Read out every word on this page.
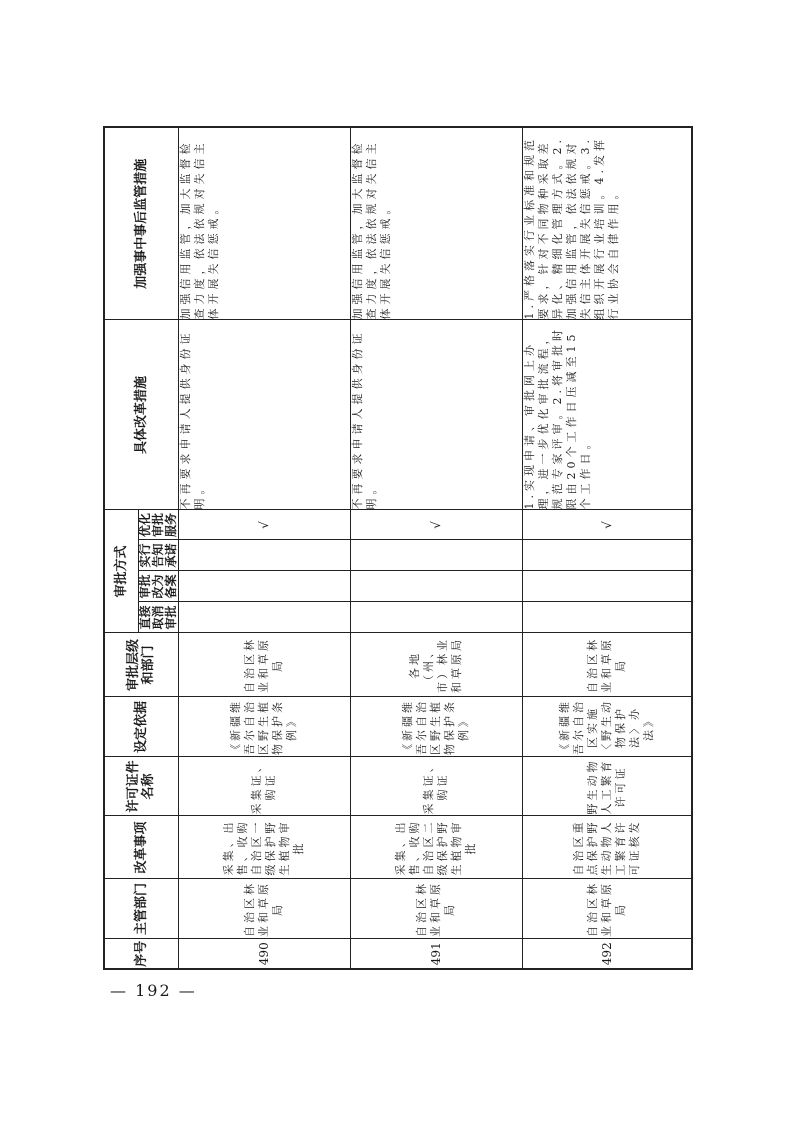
序号	主管部门	改革事项	许可证件名称	设定依据	审批层级和部门	审批方式				具体改革措施	加强事中事后监管措施
						直接取消审批	审批改为备案	实行告知承诺	优化审批服务		
490	自治区林业和草原局	采集、出售、收购自治区一级保护野生植物审批	采集证、购证	《新疆维吾尔自治区野生植物保护条例》	自治区林业和草原局				√	不再要求申请人提供身份证明。	加强信用监管，加大监督检查力度，依法依规对失信主体开展失信惩戒。
491	自治区林业和草原局	采集、出售、收购自治区二级保护野生植物审批	采集证、购证	《新疆维吾尔自治区野生植物保护条例》	各地（州、市）林业和草原局				√	不再要求申请人提供身份证明。	加强信用监管，加大监督检查力度，依法依规对失信主体开展失信惩戒。
492	自治区林业和草原局	自治区重点保护野生动物人工繁育许可证核发	野生动物人工繁育许可证	《新疆维吾尔自治区实施〈野生动物保护法〉办法》	自治区林业和草原局				√	1.实现申请、审批网上办理，进一步优化审批流程，规范专家评审。2.将审批时限由20个工作日压减至15个工作日。	1.严格落实行业标准和规范要求，针对不同物种采取差异化、精细化管理方式。2.加强信用监管，依法依规对失信主体开展失信惩戒。3.组织开展行业培训。4.发挥行业协会自律作用。
— 192 —
